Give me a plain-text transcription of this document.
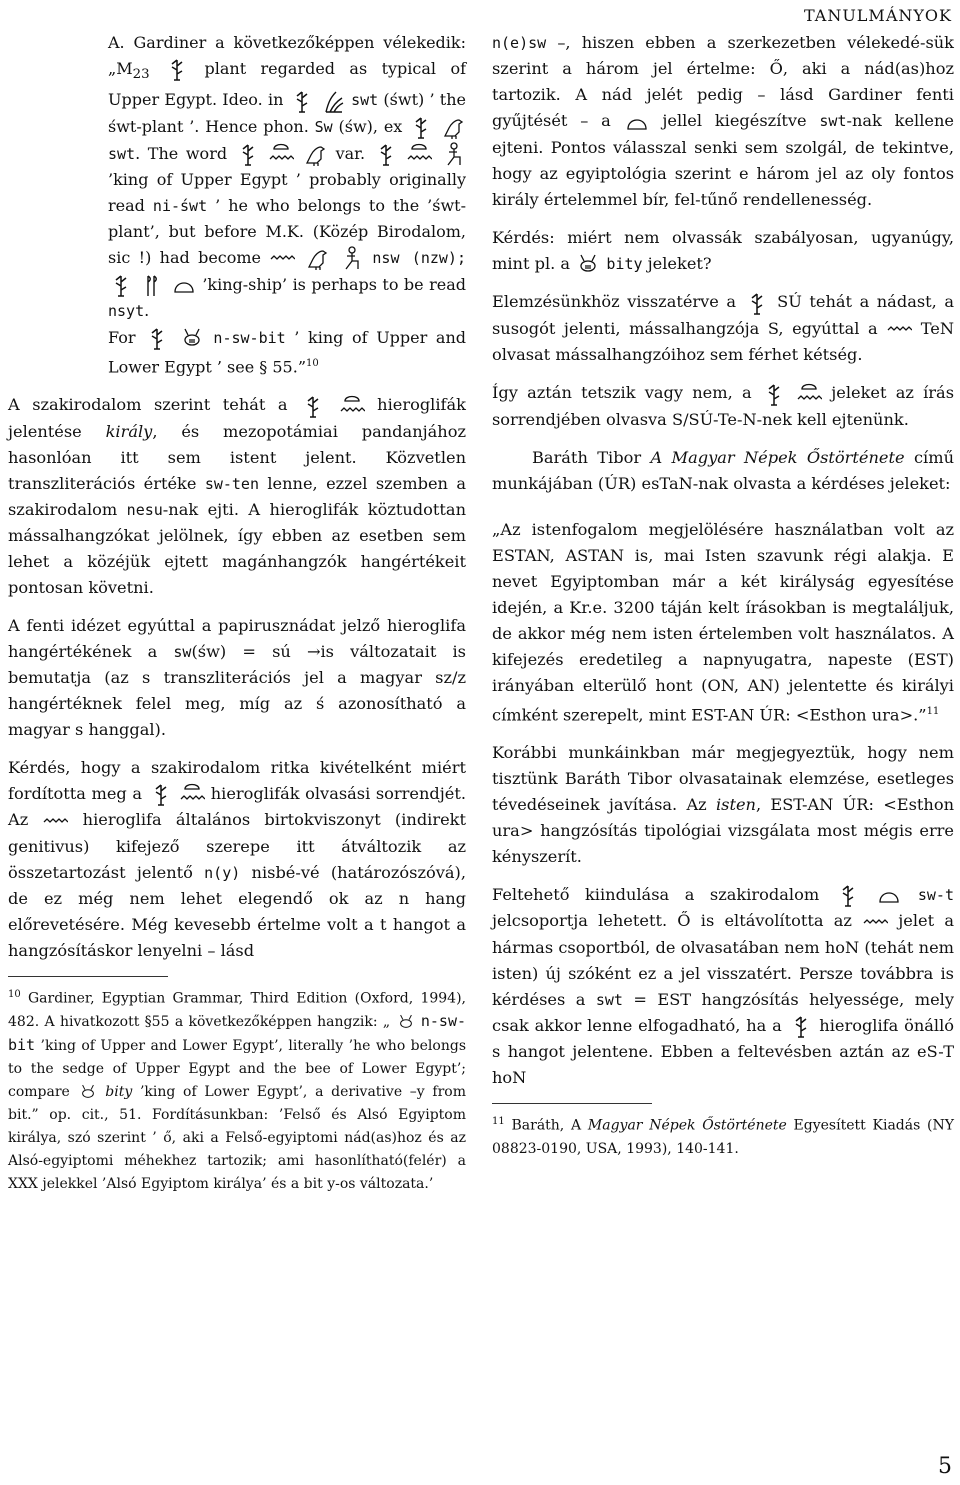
TANULMÁNYOK
A. Gardiner a következőképpen vélekedik: $„M_{23}$	plant regarded as typical of Upper Egypt. Ideo. in	swt (śwt) ’ the śwt-plant ’. Hence phon. Sw (św), ex   swt. The word	var.    ’king of Upper Egypt ’ probably originally read ni-śwt ’ he who belongs to the ’śwt-plant’, but before M.K. (Közép Birodalom, sic !) had become	nsw (nzw);    ’king-ship’ is perhaps to be read nsyt.
For	n-sw-bit ’ king of Upper and Lower Egypt ’ see § 55.”$^{10}$

A szakirodalom szerint tehát a	hieroglifák jelentése király, és mezopotámiai pandanjához hasonlóan itt sem istent jelent. Közvetlen transzliterációs értéke sw-ten lenne, ezzel szemben a szakirodalom nesu-nak ejti. A hieroglifák köztudottan mássalhangzókat jelölnek, így ebben az esetben sem lehet a közéjük ejtett magánhangzók hangértékeit pontosan követni.

A fenti idézet egyúttal a papirusznádat jelző hieroglifa hangértékének a sw(św) = sú →is változatait is bemutatja (az s transzliterációs jel a magyar sz/z hangértéknek felel meg, míg az ś azonosítható a magyar s hanggal).

Kérdés, hogy a szakirodalom ritka kivételként miért fordította meg a	hieroglifák olvasási sorrendjét. Az  hieroglifa általános birtokviszonyt (indirekt genitivus) kifejező szerepe itt átváltozik az összetartozást jelentő n(y) nisbé-vé (határozószóvá), de ez még nem lehet elegendő ok az n hang előrevetésére. Még kevesebb értelme volt a t hangot a hangzósításkor lenyelni – lásd

$^{10}$ Gardiner, Egyptian Grammar, Third Edition (Oxford, 1994), 482. A hivatkozott §55 a következőképpen hangzik: „ n-sw-bit ’king of Upper and Lower Egypt’, literally ’he who belongs to the sedge of Upper Egypt and the bee of Lower Egypt’; compare  bity ’king of Lower Egypt’, a derivative –y from bit.” op. cit., 51. Fordításunkban: ’Felső és Alsó Egyiptom királya, szó szerint ’ ő, aki a Felső-egyiptomi nád(as)hoz és az Alsó-egyiptomi méhekhez tartozik; ami hasonlítható(felér) a XXX jelekkel ’Alsó Egyiptom királya’ és a bit y-os változata.’

n(e)sw –, hiszen ebben a szerkezetben vélekedé-sük szerint a három jel értelme: Ő, aki a nád(as)hoz tartozik. A nád jelét pedig – lásd Gardiner fenti gyűjtését – a  jellel kiegészítve swt-nak kellene ejteni. Pontos válasszal senki sem szolgál, de tekintve, hogy az egyiptológia szerint e három jel az oly fontos király értelemmel bír, fel-tűnő rendellenesség.

Kérdés: miért nem olvassák szabályosan, ugyanúgy, mint pl. a  bity jeleket?

Elemzésünkhöz visszatérve a  SÚ tehát a nádast, a susogót jelenti, mássalhangzója S, egyúttal a  TeN olvasat mássalhangzóihoz sem férhet kétség.

Így aztán tetszik vagy nem, a	jeleket az írás sorrendjében olvasva S/SÚ-Te-N-nek kell ejtenünk.

Baráth Tibor A Magyar Népek Őstörténete című munkájában (ÚR) esTaN-nak olvasta a kérdéses jeleket:

„Az istenfogalom megjelölésére használatban volt az ESTAN, ASTAN is, mai Isten szavunk régi alakja. E nevet Egyiptomban már a két királyság egyesítése idején, a Kr.e. 3200 táján kelt írásokban is megtaláljuk, de akkor még nem isten értelemben volt használatos. A kifejezés eredetileg a napnyugatra, napeste (EST) irányában elterülő hont (ON, AN) jelentette és királyi címként szerepelt, mint EST-AN ÚR: <Esthon ura>.”$^{11}$

Korábbi munkáinkban már megjegyeztük, hogy nem tisztünk Baráth Tibor olvasatainak elemzése, esetleges tévedéseinek javítása. Az isten, EST-AN ÚR: <Esthon ura> hangzósítás tipológiai vizsgálata most mégis erre kényszerít.

Feltehető kiindulása a szakirodalom	sw-t jelcsoportja lehetett. Ő is eltávolította az  jelet a hármas csoportból, de olvasatában nem hoN (tehát nem isten) új szóként ez a jel visszatért. Persze továbbra is kérdéses a swt = EST hangzósítás helyessége, mely csak akkor lenne elfogadható, ha a  hieroglifa önálló s hangot jelentene. Ebben a feltevésben aztán az eS-T hoN

$^{11}$ Baráth, A Magyar Népek Őstörténete Egyesített Kiadás (NY 08823-0190, USA, 1993), 140-141.
5
